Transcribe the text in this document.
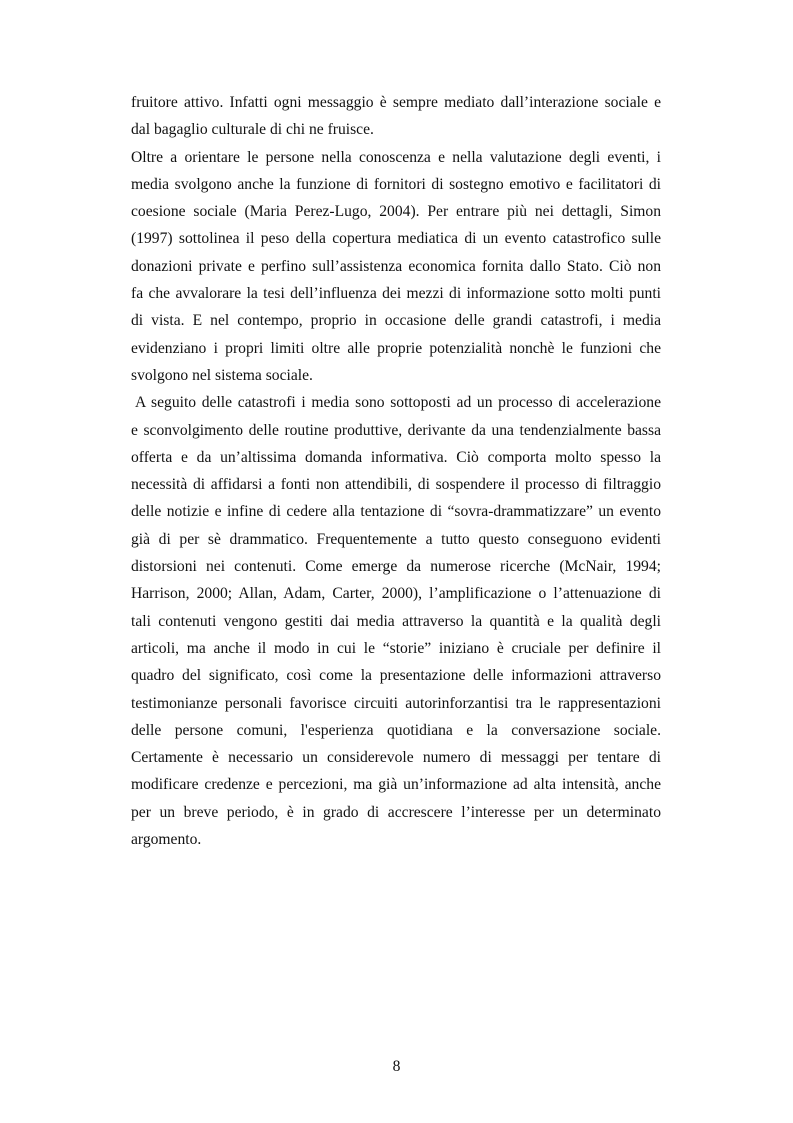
fruitore attivo. Infatti ogni messaggio è sempre mediato dall’interazione sociale e
dal bagaglio culturale di chi ne fruisce.
Oltre a orientare le persone nella conoscenza e nella valutazione degli eventi, i
media svolgono anche la funzione di fornitori di sostegno emotivo e facilitatori di
coesione sociale (Maria Perez-Lugo, 2004). Per entrare più nei dettagli, Simon
(1997) sottolinea il peso della copertura mediatica di un evento catastrofico sulle
donazioni private e perfino sull’assistenza economica fornita dallo Stato. Ciò non
fa che avvalorare la tesi dell’influenza dei mezzi di informazione sotto molti punti
di vista. E nel contempo, proprio in occasione delle grandi catastrofi, i media
evidenziano i propri limiti oltre alle proprie potenzialità nonchè le funzioni che
svolgono nel sistema sociale.
A seguito delle catastrofi i media sono sottoposti ad un processo di accelerazione
e sconvolgimento delle routine produttive, derivante da una tendenzialmente bassa
offerta e da un’altissima domanda informativa. Ciò comporta molto spesso la
necessità di affidarsi a fonti non attendibili, di sospendere il processo di filtraggio
delle notizie e infine di cedere alla tentazione di “sovra-drammatizzare” un evento
già di per sè drammatico. Frequentemente a tutto questo conseguono evidenti
distorsioni nei contenuti. Come emerge da numerose ricerche (McNair, 1994;
Harrison, 2000; Allan, Adam, Carter, 2000), l’amplificazione o l’attenuazione di
tali contenuti vengono gestiti dai media attraverso la quantità e la qualità degli
articoli, ma anche il modo in cui le “storie” iniziano è cruciale per definire il
quadro del significato, così come la presentazione delle informazioni attraverso
testimonianze personali favorisce circuiti autorinforzantisi tra le rappresentazioni
delle persone comuni, l'esperienza quotidiana e la conversazione sociale.
Certamente è necessario un considerevole numero di messaggi per tentare di
modificare credenze e percezioni, ma già un’informazione ad alta intensità, anche
per un breve periodo, è in grado di accrescere l’interesse per un determinato
argomento.
8
